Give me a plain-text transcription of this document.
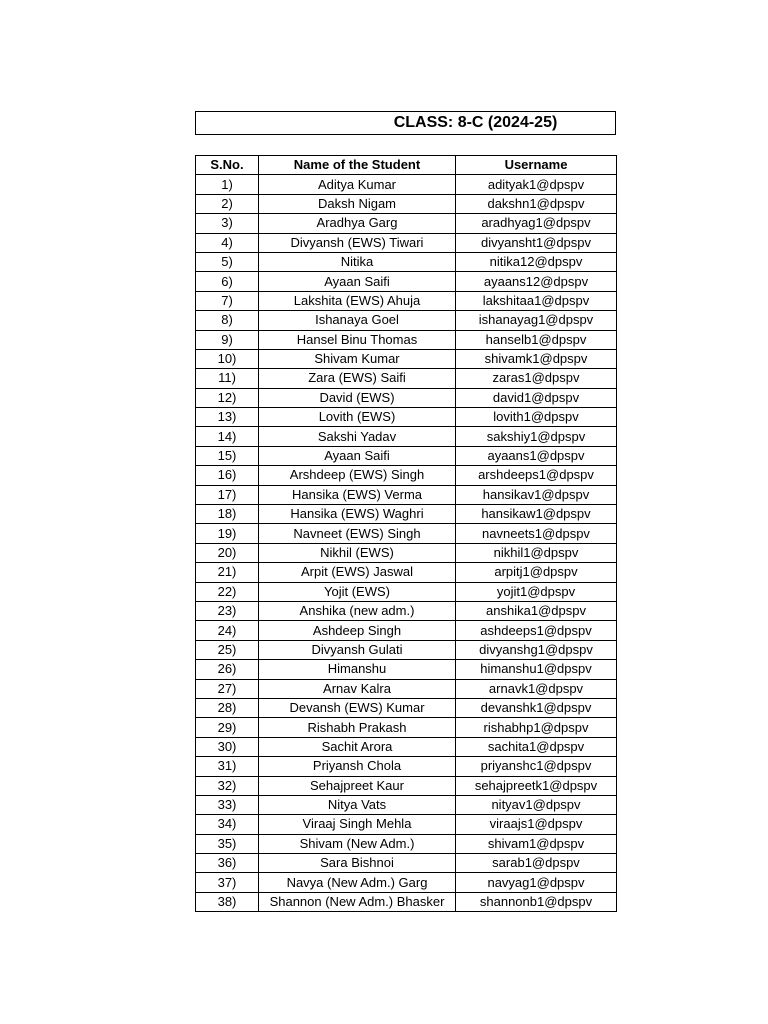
CLASS: 8-C (2024-25)
S.No.	Name of the Student	Username
1)	Aditya Kumar	adityak1@dpspv
2)	Daksh Nigam	dakshn1@dpspv
3)	Aradhya Garg	aradhyag1@dpspv
4)	Divyansh (EWS) Tiwari	divyansht1@dpspv
5)	Nitika	nitika12@dpspv
6)	Ayaan Saifi	ayaans12@dpspv
7)	Lakshita (EWS) Ahuja	lakshitaa1@dpspv
8)	Ishanaya Goel	ishanayag1@dpspv
9)	Hansel Binu Thomas	hanselb1@dpspv
10)	Shivam Kumar	shivamk1@dpspv
11)	Zara (EWS) Saifi	zaras1@dpspv
12)	David (EWS)	david1@dpspv
13)	Lovith (EWS)	lovith1@dpspv
14)	Sakshi Yadav	sakshiy1@dpspv
15)	Ayaan Saifi	ayaans1@dpspv
16)	Arshdeep (EWS) Singh	arshdeeps1@dpspv
17)	Hansika (EWS) Verma	hansikav1@dpspv
18)	Hansika (EWS) Waghri	hansikaw1@dpspv
19)	Navneet (EWS) Singh	navneets1@dpspv
20)	Nikhil (EWS)	nikhil1@dpspv
21)	Arpit (EWS) Jaswal	arpitj1@dpspv
22)	Yojit (EWS)	yojit1@dpspv
23)	Anshika (new adm.)	anshika1@dpspv
24)	Ashdeep Singh	ashdeeps1@dpspv
25)	Divyansh Gulati	divyanshg1@dpspv
26)	Himanshu	himanshu1@dpspv
27)	Arnav Kalra	arnavk1@dpspv
28)	Devansh (EWS) Kumar	devanshk1@dpspv
29)	Rishabh Prakash	rishabhp1@dpspv
30)	Sachit Arora	sachita1@dpspv
31)	Priyansh Chola	priyanshc1@dpspv
32)	Sehajpreet Kaur	sehajpreetk1@dpspv
33)	Nitya Vats	nityav1@dpspv
34)	Viraaj Singh Mehla	viraajs1@dpspv
35)	Shivam (New Adm.)	shivam1@dpspv
36)	Sara Bishnoi	sarab1@dpspv
37)	Navya (New Adm.) Garg	navyag1@dpspv
38)	Shannon (New Adm.) Bhasker	shannonb1@dpspv
